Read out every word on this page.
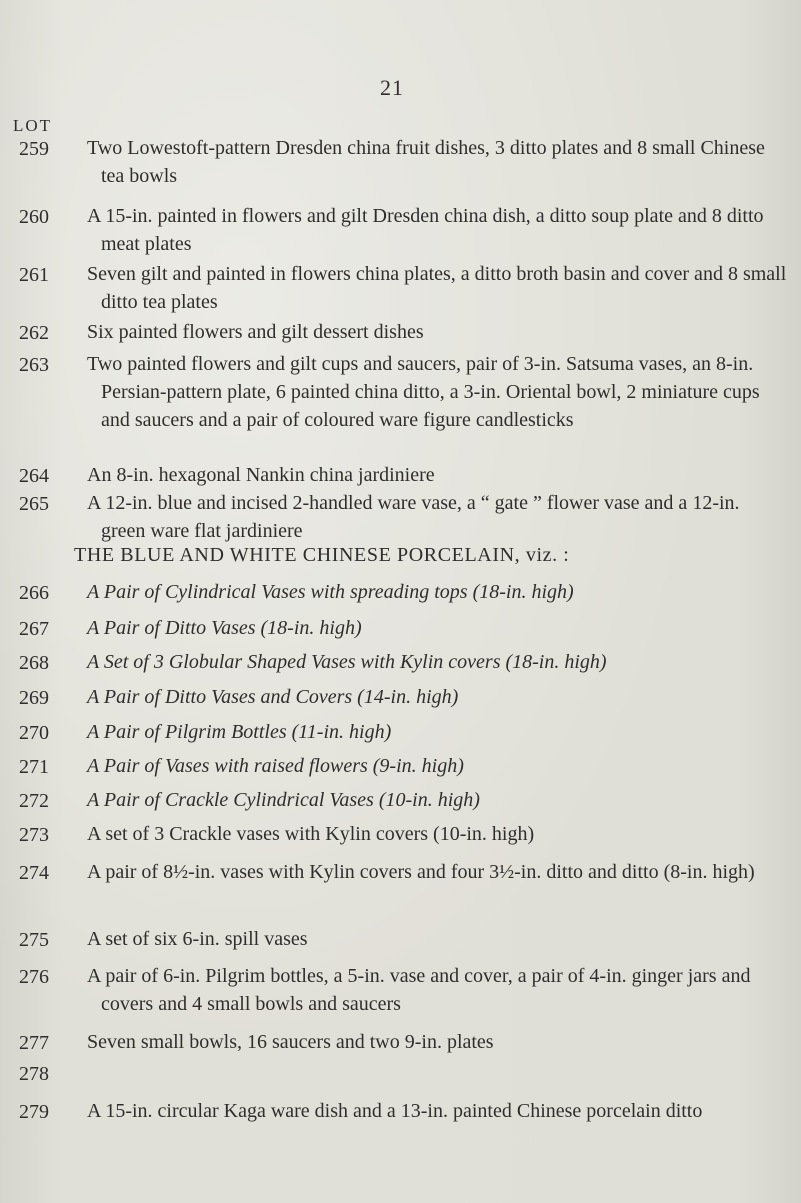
21
LOT
259	Two Lowestoft-pattern Dresden china fruit dishes, 3 ditto plates and 8 small Chinese tea bowls
260	A 15-in. painted in flowers and gilt Dresden china dish, a ditto soup plate and 8 ditto meat plates
261	Seven gilt and painted in flowers china plates, a ditto broth basin and cover and 8 small ditto tea plates
262	Six painted flowers and gilt dessert dishes
263	Two painted flowers and gilt cups and saucers, pair of 3-in. Satsuma vases, an 8-in. Persian-pattern plate, 6 painted china ditto, a 3-in. Oriental bowl, 2 miniature cups and saucers and a pair of coloured ware figure candlesticks
264	An 8-in. hexagonal Nankin china jardiniere
265	A 12-in. blue and incised 2-handled ware vase, a “ gate ” flower vase and a 12-in. green ware flat jardiniere
THE BLUE AND WHITE CHINESE PORCELAIN, viz. :
266	A Pair of Cylindrical Vases with spreading tops (18-in. high)
267	A Pair of Ditto Vases (18-in. high)
268	A Set of 3 Globular Shaped Vases with Kylin covers (18-in. high)
269	A Pair of Ditto Vases and Covers (14-in. high)
270	A Pair of Pilgrim Bottles (11-in. high)
271	A Pair of Vases with raised flowers (9-in. high)
272	A Pair of Crackle Cylindrical Vases (10-in. high)
273	A set of 3 Crackle vases with Kylin covers (10-in. high)
274	A pair of 8½-in. vases with Kylin covers and four 3½-in. ditto and ditto (8-in. high)
275	A set of six 6-in. spill vases
276	A pair of 6-in. Pilgrim bottles, a 5-in. vase and cover, a pair of 4-in. ginger jars and covers and 4 small bowls and saucers
277	Seven small bowls, 16 saucers and two 9-in. plates
278
279	A 15-in. circular Kaga ware dish and a 13-in. painted Chinese porcelain ditto
